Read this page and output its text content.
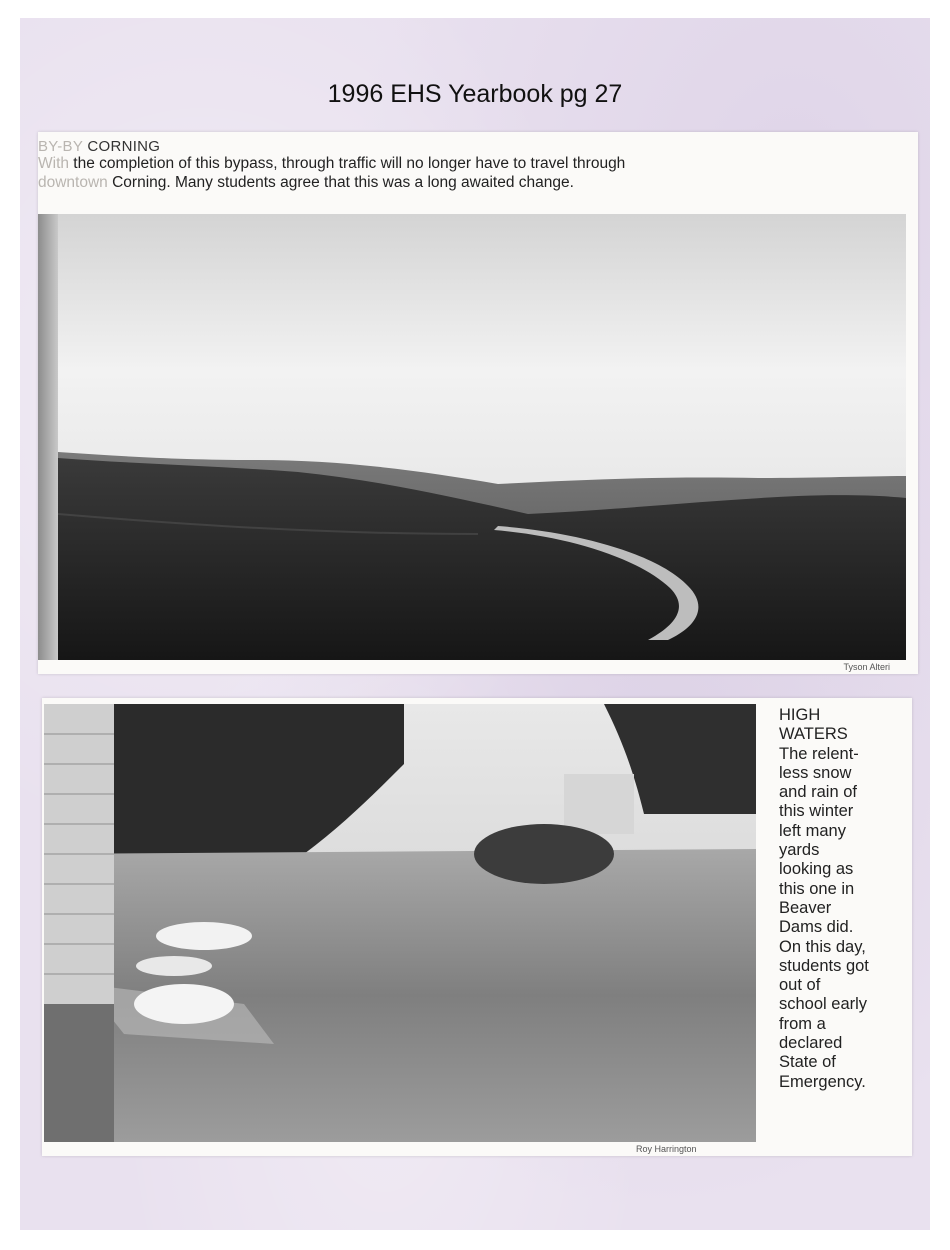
1996 EHS Yearbook pg 27
BY-BY CORNING
With the completion of this bypass, through traffic will no longer have to travel through
downtown Corning. Many students agree that this was a long awaited change.
Tyson Alteri
Roy Harrington
HIGH
WATERS
The relent-
less snow
and rain of
this winter
left many
yards
looking as
this one in
Beaver
Dams did.
On this day,
students got
out of
school early
from a
declared
State of
Emergency.
